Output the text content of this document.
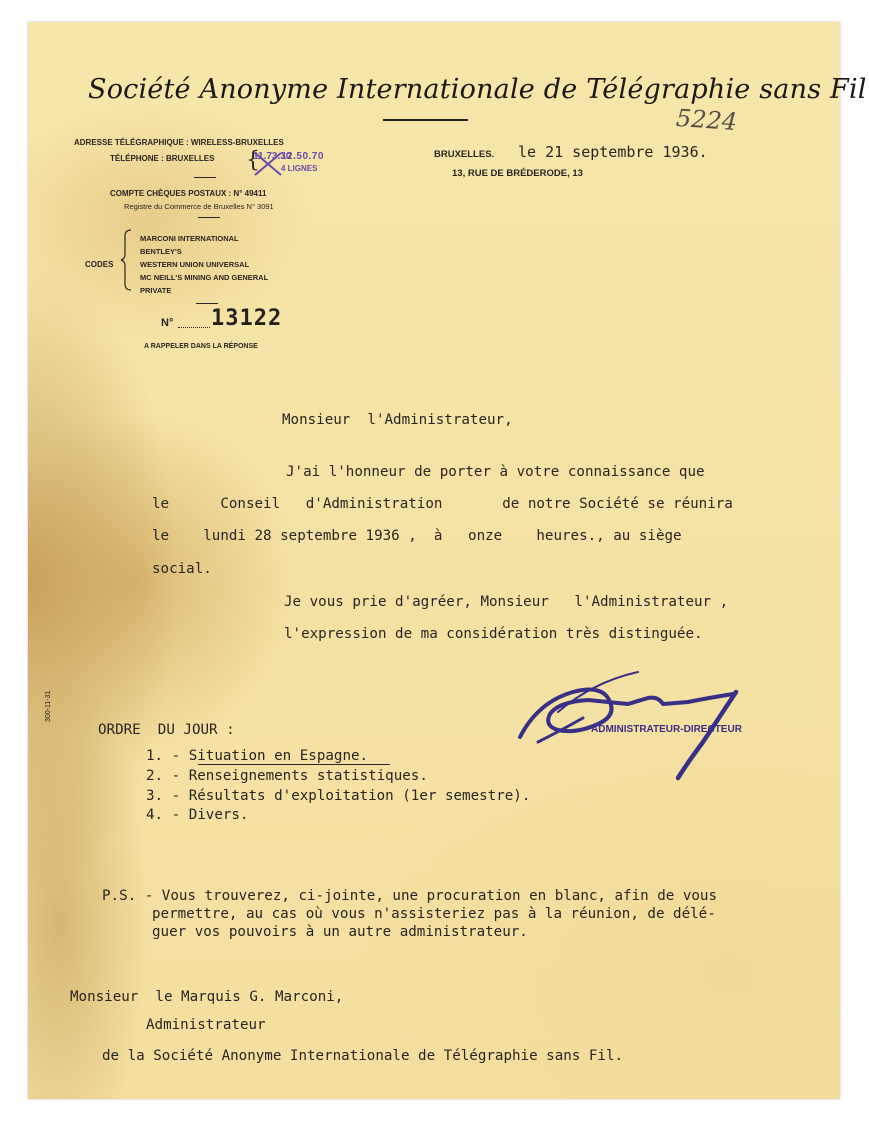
Société Anonyme Internationale de Télégraphie sans Fil
5224
ADRESSE TÉLÉGRAPHIQUE : WIRELESS-BRUXELLES
TÉLÉPHONE : BRUXELLES {
11.73.30
12.50.70
4 LIGNES
COMPTE CHÈQUES POSTAUX : N° 49411
Registre du Commerce de Bruxelles N° 3091
CODES
MARCONI INTERNATIONAL
BENTLEY'S
WESTERN UNION UNIVERSAL
MC NEILL'S MINING AND GENERAL
PRIVATE
N° 13122
A RAPPELER DANS LA RÉPONSE
BRUXELLES. le 21 septembre 1936.
13, RUE DE BRÉDERODE, 13
Monsieur  l'Administrateur,
J'ai l'honneur de porter à votre connaissance que
le      Conseil   d'Administration       de notre Société se réunira
le    lundi 28 septembre 1936 ,  à   onze    heures., au siège
social.
Je vous prie d'agréer, Monsieur   l'Administrateur ,
l'expression de ma considération très distinguée.
ADMINISTRATEUR-DIRECTEUR
ORDRE  DU JOUR :
1. - Situation en Espagne.
2. - Renseignements statistiques.
3. - Résultats d'exploitation (1er semestre).
4. - Divers.
300-11-31
P.S. - Vous trouverez, ci-jointe, une procuration en blanc, afin de vous
permettre, au cas où vous n'assisteriez pas à la réunion, de délé-
guer vos pouvoirs à un autre administrateur.
Monsieur  le Marquis G. Marconi,
Administrateur
de la Société Anonyme Internationale de Télégraphie sans Fil.
